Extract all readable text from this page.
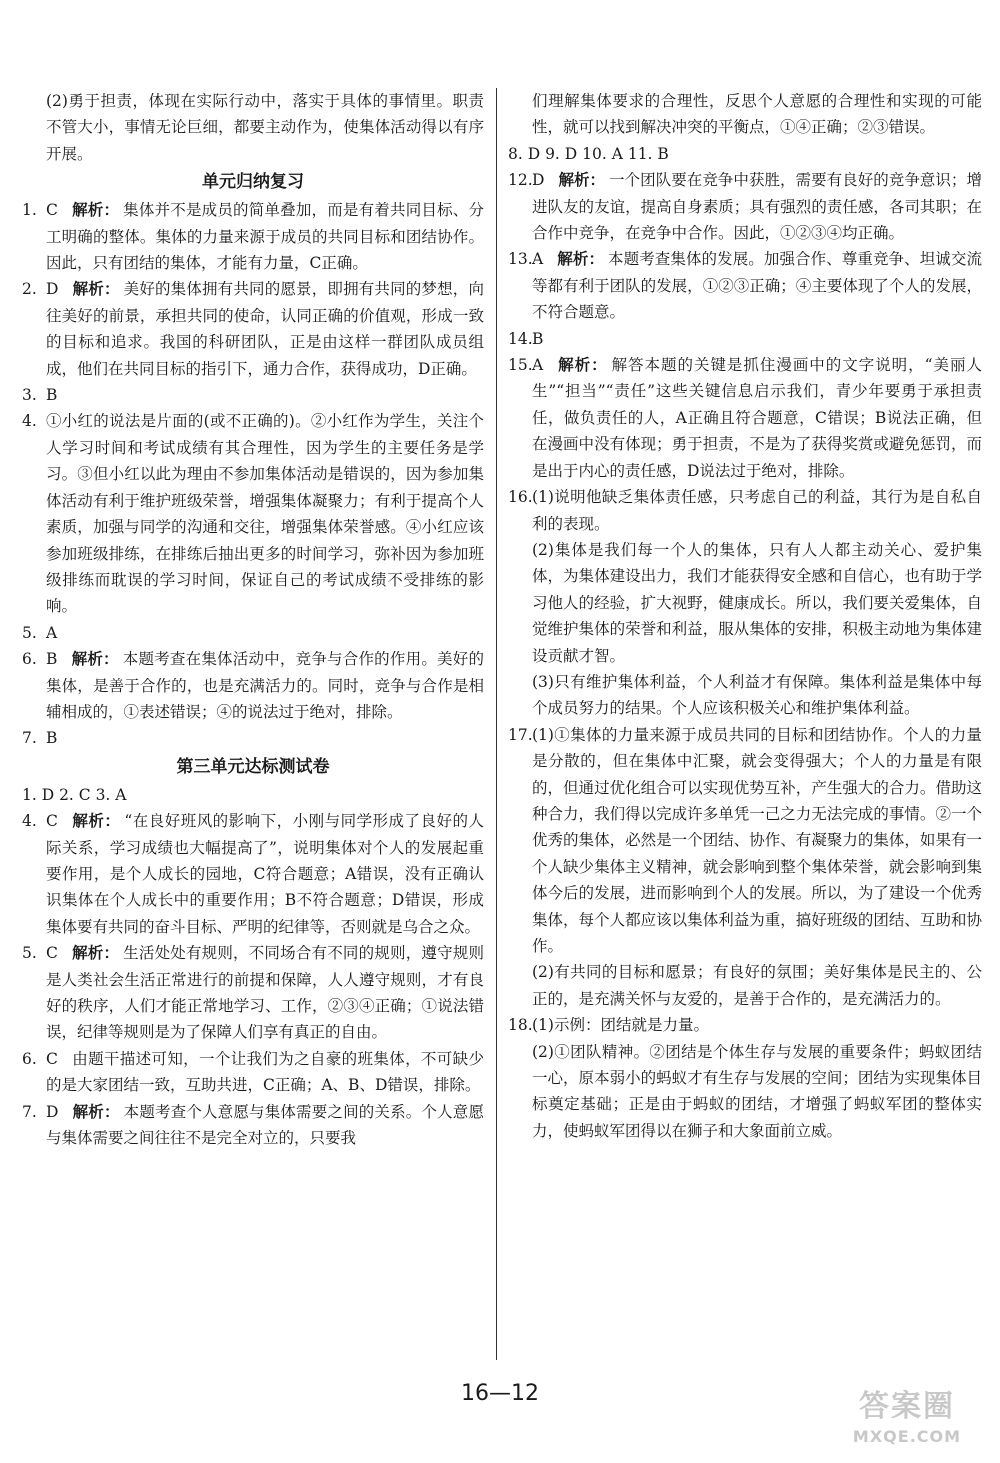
(2)勇于担责，体现在实际行动中，落实于具体的事情里。职责不管大小，事情无论巨细，都要主动作为，使集体活动得以有序开展。

单元归纳复习

1. C 解析： 集体并不是成员的简单叠加，而是有着共同目标、分工明确的整体。集体的力量来源于成员的共同目标和团结协作。因此，只有团结的集体，才能有力量，C正确。

2. D 解析： 美好的集体拥有共同的愿景，即拥有共同的梦想，向往美好的前景，承担共同的使命，认同正确的价值观，形成一致的目标和追求。我国的科研团队，正是由这样一群团队成员组成，他们在共同目标的指引下，通力合作，获得成功，D正确。

3. B

4. ①小红的说法是片面的(或不正确的)。②小红作为学生，关注个人学习时间和考试成绩有其合理性，因为学生的主要任务是学习。③但小红以此为理由不参加集体活动是错误的，因为参加集体活动有利于维护班级荣誉，增强集体凝聚力；有利于提高个人素质，加强与同学的沟通和交往，增强集体荣誉感。④小红应该参加班级排练，在排练后抽出更多的时间学习，弥补因为参加班级排练而耽误的学习时间，保证自己的考试成绩不受排练的影响。

5. A

6. B 解析： 本题考查在集体活动中，竞争与合作的作用。美好的集体，是善于合作的，也是充满活力的。同时，竞争与合作是相辅相成的，①表述错误；④的说法过于绝对，排除。

7. B

第三单元达标测试卷

1. D 2. C 3. A

4. C 解析： “在良好班风的影响下，小刚与同学形成了良好的人际关系，学习成绩也大幅提高了”，说明集体对个人的发展起重要作用，是个人成长的园地，C符合题意；A错误，没有正确认识集体在个人成长中的重要作用；B不符合题意；D错误，形成集体要有共同的奋斗目标、严明的纪律等，否则就是乌合之众。

5. C 解析： 生活处处有规则，不同场合有不同的规则，遵守规则是人类社会生活正常进行的前提和保障，人人遵守规则，才有良好的秩序，人们才能正常地学习、工作，②③④正确；①说法错误，纪律等规则是为了保障人们享有真正的自由。

6. C 由题干描述可知，一个让我们为之自豪的班集体，不可缺少的是大家团结一致，互助共进，C正确；A、B、D错误，排除。

7. D 解析： 本题考查个人意愿与集体需要之间的关系。个人意愿与集体需要之间往往不是完全对立的，只要我

们理解集体要求的合理性，反思个人意愿的合理性和实现的可能性，就可以找到解决冲突的平衡点，①④正确；②③错误。

8. D 9. D 10. A 11. B

12. D 解析： 一个团队要在竞争中获胜，需要有良好的竞争意识；增进队友的友谊，提高自身素质；具有强烈的责任感，各司其职；在合作中竞争，在竞争中合作。因此，①②③④均正确。

13. A 解析： 本题考查集体的发展。加强合作、尊重竞争、坦诚交流等都有利于团队的发展，①②③正确；④主要体现了个人的发展，不符合题意。

14. B

15. A 解析： 解答本题的关键是抓住漫画中的文字说明，“美丽人生”“担当”“责任”这些关键信息启示我们，青少年要勇于承担责任，做负责任的人，A正确且符合题意，C错误；B说法正确，但在漫画中没有体现；勇于担责，不是为了获得奖赏或避免惩罚，而是出于内心的责任感，D说法过于绝对，排除。

16. (1)说明他缺乏集体责任感，只考虑自己的利益，其行为是自私自利的表现。

(2)集体是我们每一个人的集体，只有人人都主动关心、爱护集体，为集体建设出力，我们才能获得安全感和自信心，也有助于学习他人的经验，扩大视野，健康成长。所以，我们要关爱集体，自觉维护集体的荣誉和利益，服从集体的安排，积极主动地为集体建设贡献才智。

(3)只有维护集体利益，个人利益才有保障。集体利益是集体中每个成员努力的结果。个人应该积极关心和维护集体利益。

17. (1)①集体的力量来源于成员共同的目标和团结协作。个人的力量是分散的，但在集体中汇聚，就会变得强大；个人的力量是有限的，但通过优化组合可以实现优势互补，产生强大的合力。借助这种合力，我们得以完成许多单凭一己之力无法完成的事情。②一个优秀的集体，必然是一个团结、协作、有凝聚力的集体，如果有一个人缺少集体主义精神，就会影响到整个集体荣誉，就会影响到集体今后的发展，进而影响到个人的发展。所以，为了建设一个优秀集体，每个人都应该以集体利益为重，搞好班级的团结、互助和协作。

(2)有共同的目标和愿景；有良好的氛围；美好集体是民主的、公正的，是充满关怀与友爱的，是善于合作的，是充满活力的。

18. (1)示例：团结就是力量。

(2)①团队精神。②团结是个体生存与发展的重要条件；蚂蚁团结一心，原本弱小的蚂蚁才有生存与发展的空间；团结为实现集体目标奠定基础；正是由于蚂蚁的团结，才增强了蚂蚁军团的整体实力，使蚂蚁军团得以在狮子和大象面前立威。

16—12	答案圈
MXQE.COM
